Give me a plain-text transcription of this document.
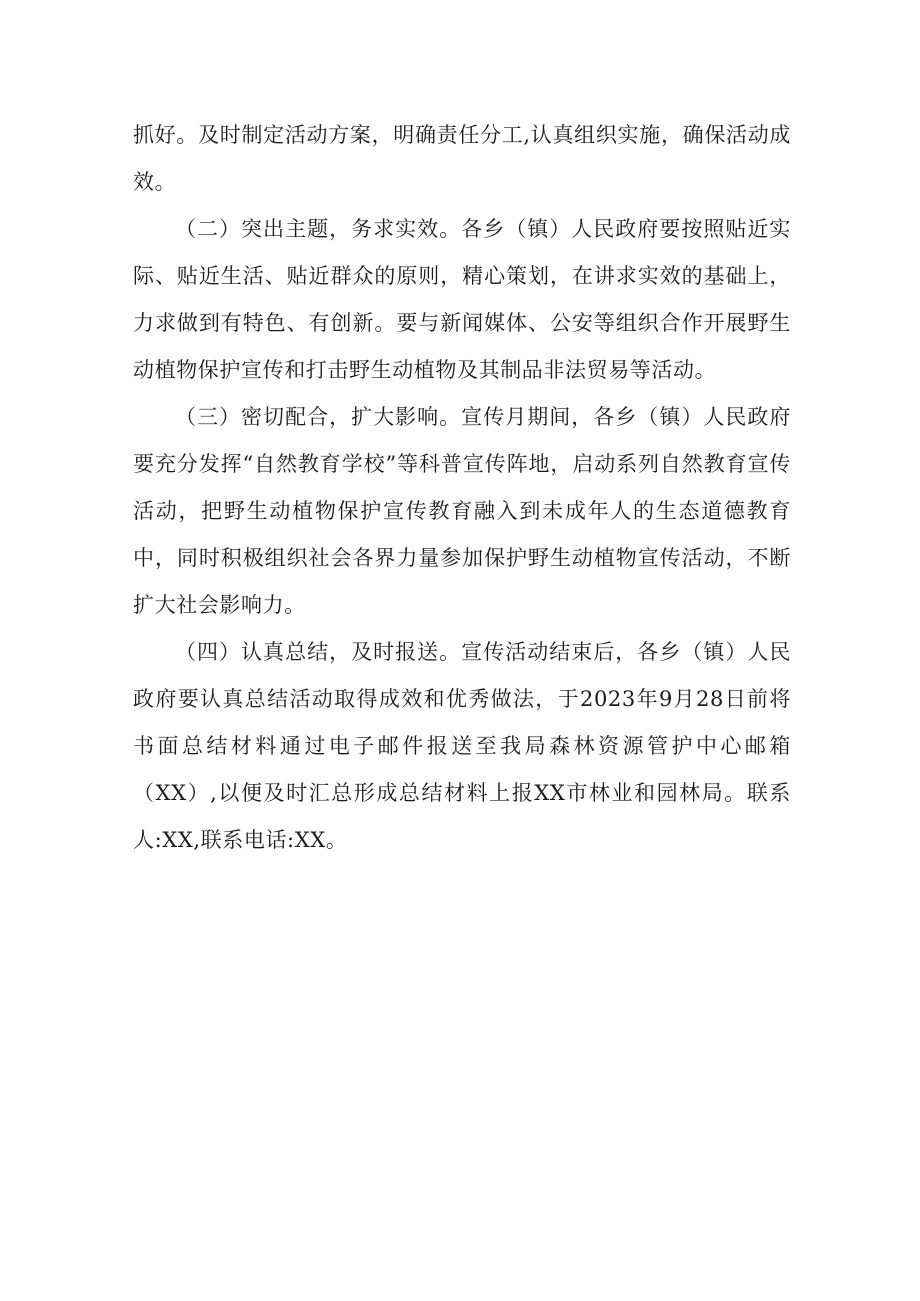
抓好。及时制定活动方案，明确责任分工,认真组织实施，确保活动成效。

（二）突出主题，务求实效。各乡（镇）人民政府要按照贴近实际、贴近生活、贴近群众的原则，精心策划，在讲求实效的基础上，力求做到有特色、有创新。要与新闻媒体、公安等组织合作开展野生动植物保护宣传和打击野生动植物及其制品非法贸易等活动。

（三）密切配合，扩大影响。宣传月期间，各乡（镇）人民政府要充分发挥“自然教育学校”等科普宣传阵地，启动系列自然教育宣传活动，把野生动植物保护宣传教育融入到未成年人的生态道德教育中，同时积极组织社会各界力量参加保护野生动植物宣传活动，不断扩大社会影响力。

（四）认真总结，及时报送。宣传活动结束后，各乡（镇）人民政府要认真总结活动取得成效和优秀做法，于2023年9月28日前将书面总结材料通过电子邮件报送至我局森林资源管护中心邮箱（XX）,以便及时汇总形成总结材料上报XX市林业和园林局。联系人:XX,联系电话:XX。
